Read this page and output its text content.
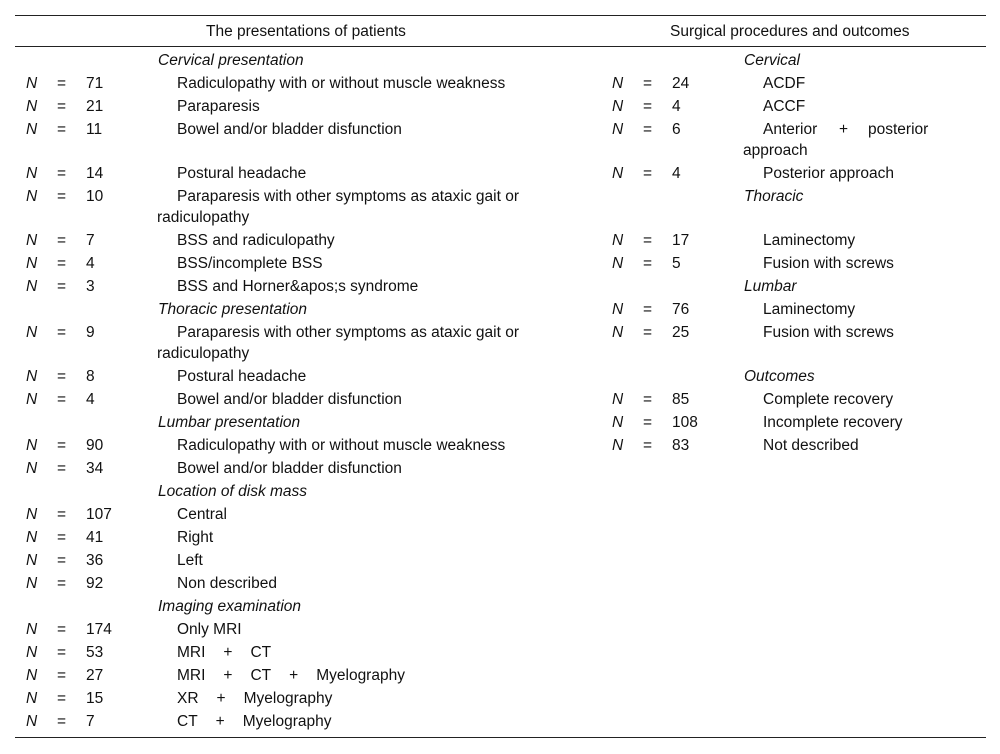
The presentations of patients	Surgical procedures and outcomes
Cervical presentation
N = 71	Radiculopathy with or without muscle weakness
N = 21	Paraparesis
N = 11	Bowel and/or bladder disfunction
N = 14	Postural headache
N = 10	Paraparesis with other symptoms as ataxic gait or
radiculopathy
N = 7	BSS and radiculopathy
N = 4	BSS/incomplete BSS
N = 3	BSS and Horner&apos;s syndrome
Thoracic presentation
N = 9	Paraparesis with other symptoms as ataxic gait or
radiculopathy
N = 8	Postural headache
N = 4	Bowel and/or bladder disfunction
Lumbar presentation
N = 90	Radiculopathy with or without muscle weakness
N = 34	Bowel and/or bladder disfunction
Location of disk mass
N = 107	Central
N = 41	Right
N = 36	Left
N = 92	Non described
Imaging examination
N = 174	Only MRI
N = 53	MRI + CT
N = 27	MRI + CT + Myelography
N = 15	XR + Myelography
N = 7	CT + Myelography
Cervical
N = 24	ACDF
N = 4	ACCF
N = 6	Anterior + posterior
approach
N = 4	Posterior approach
Thoracic
N = 17	Laminectomy
N = 5	Fusion with screws
Lumbar
N = 76	Laminectomy
N = 25	Fusion with screws
Outcomes
N = 85	Complete recovery
N = 108	Incomplete recovery
N = 83	Not described
